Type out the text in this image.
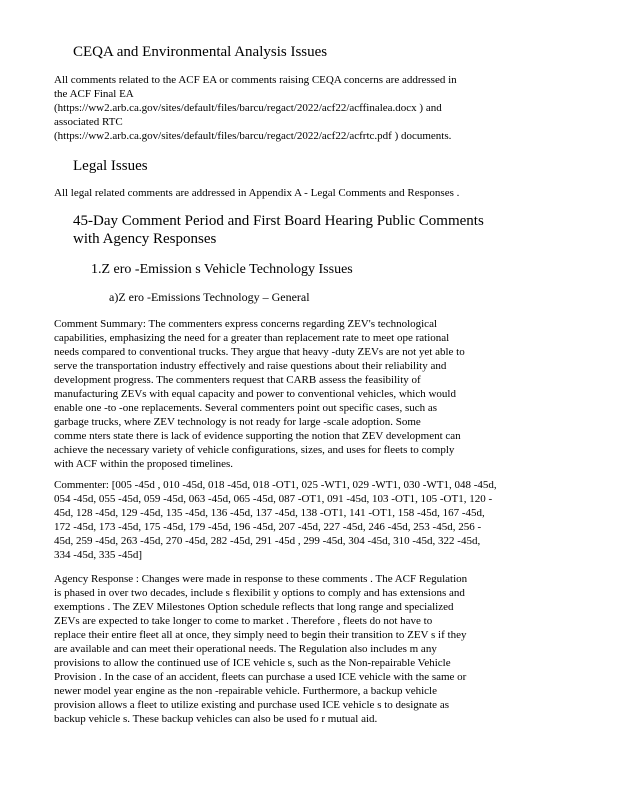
CEQA and Environmental Analysis Issues
All comments related to the ACF EA or comments raising CEQA concerns are addressed in
the ACF Final EA
(https://ww2.arb.ca.gov/sites/default/files/barcu/regact/2022/acf22/acffinalea.docx ) and
associated RTC
(https://ww2.arb.ca.gov/sites/default/files/barcu/regact/2022/acf22/acfrtc.pdf ) documents.
Legal Issues
All legal related comments are addressed in Appendix A - Legal Comments and Responses .
45-Day Comment Period and First Board Hearing Public Comments
with Agency Responses
1.Z ero -Emission s Vehicle Technology Issues
a)Z ero -Emissions Technology – General
Comment Summary: The commenters express concerns regarding ZEV's technological
capabilities, emphasizing the need for a greater than replacement rate to meet ope rational
needs compared to conventional trucks. They argue that heavy -duty ZEVs are not yet able to
serve the transportation industry effectively and raise questions about their reliability and
development progress. The commenters request that CARB assess the feasibility of
manufacturing ZEVs with equal capacity and power to conventional vehicles, which would
enable one -to -one replacements. Several commenters point out specific cases, such as
garbage trucks, where ZEV technology is not ready for large -scale adoption. Some
comme nters state there is lack of evidence supporting the notion that ZEV development can
achieve the necessary variety of vehicle configurations, sizes, and uses for fleets to comply
with ACF within the proposed timelines.
Commenter: [005 -45d , 010 -45d, 018 -45d, 018 -OT1, 025 -WT1, 029 -WT1, 030 -WT1, 048 -45d,
054 -45d, 055 -45d, 059 -45d, 063 -45d, 065 -45d, 087 -OT1, 091 -45d, 103 -OT1, 105 -OT1, 120 -
45d, 128 -45d, 129 -45d, 135 -45d, 136 -45d, 137 -45d, 138 -OT1, 141 -OT1, 158 -45d, 167 -45d,
172 -45d, 173 -45d, 175 -45d, 179 -45d, 196 -45d, 207 -45d, 227 -45d, 246 -45d, 253 -45d, 256 -
45d, 259 -45d, 263 -45d, 270 -45d, 282 -45d, 291 -45d , 299 -45d, 304 -45d, 310 -45d, 322 -45d,
334 -45d, 335 -45d]
Agency Response : Changes were made in response to these comments . The ACF Regulation
is phased in over two decades, include s flexibilit y options to comply and has extensions and
exemptions . The ZEV Milestones Option schedule reflects that long range and specialized
ZEVs are expected to take longer to come to market . Therefore , fleets do not have to
replace their entire fleet all at once, they simply need to begin their transition to ZEV s if they
are available and can meet their operational needs. The Regulation also includes m any
provisions to allow the continued use of ICE vehicle s, such as the Non-repairable Vehicle
Provision . In the case of an accident, fleets can purchase a used ICE vehicle with the same or
newer model year engine as the non -repairable vehicle. Furthermore, a backup vehicle
provision allows a fleet to utilize existing and purchase used ICE vehicle s to designate as
backup vehicle s. These backup vehicles can also be used fo r mutual aid.
